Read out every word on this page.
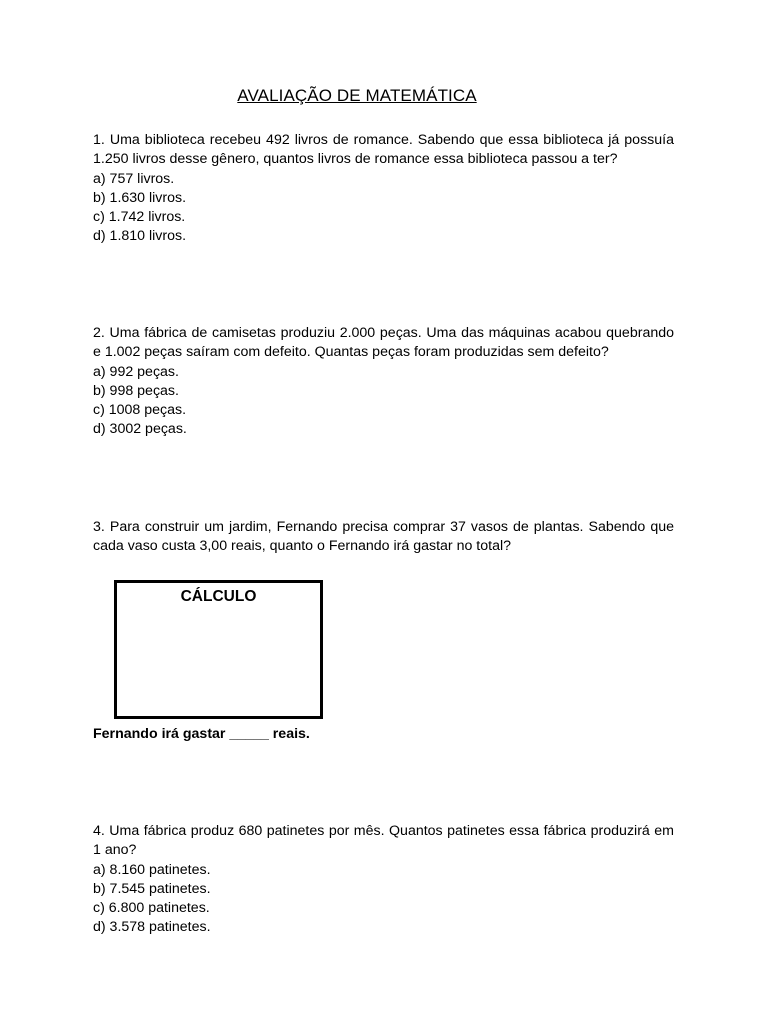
AVALIAÇÃO DE MATEMÁTICA
1. Uma biblioteca recebeu 492 livros de romance. Sabendo que essa biblioteca já possuía 1.250 livros desse gênero, quantos livros de romance essa biblioteca passou a ter?
a) 757 livros.
b) 1.630 livros.
c) 1.742 livros.
d) 1.810 livros.
2. Uma fábrica de camisetas produziu 2.000 peças. Uma das máquinas acabou quebrando e 1.002 peças saíram com defeito. Quantas peças foram produzidas sem defeito?
a) 992 peças.
b) 998 peças.
c) 1008 peças.
d) 3002 peças.
3. Para construir um jardim, Fernando precisa comprar 37 vasos de plantas. Sabendo que cada vaso custa 3,00 reais, quanto o Fernando irá gastar no total?
CÁLCULO
Fernando irá gastar _____ reais.
4. Uma fábrica produz 680 patinetes por mês. Quantos patinetes essa fábrica produzirá em 1 ano?
a) 8.160 patinetes.
b) 7.545 patinetes.
c) 6.800 patinetes.
d) 3.578 patinetes.
